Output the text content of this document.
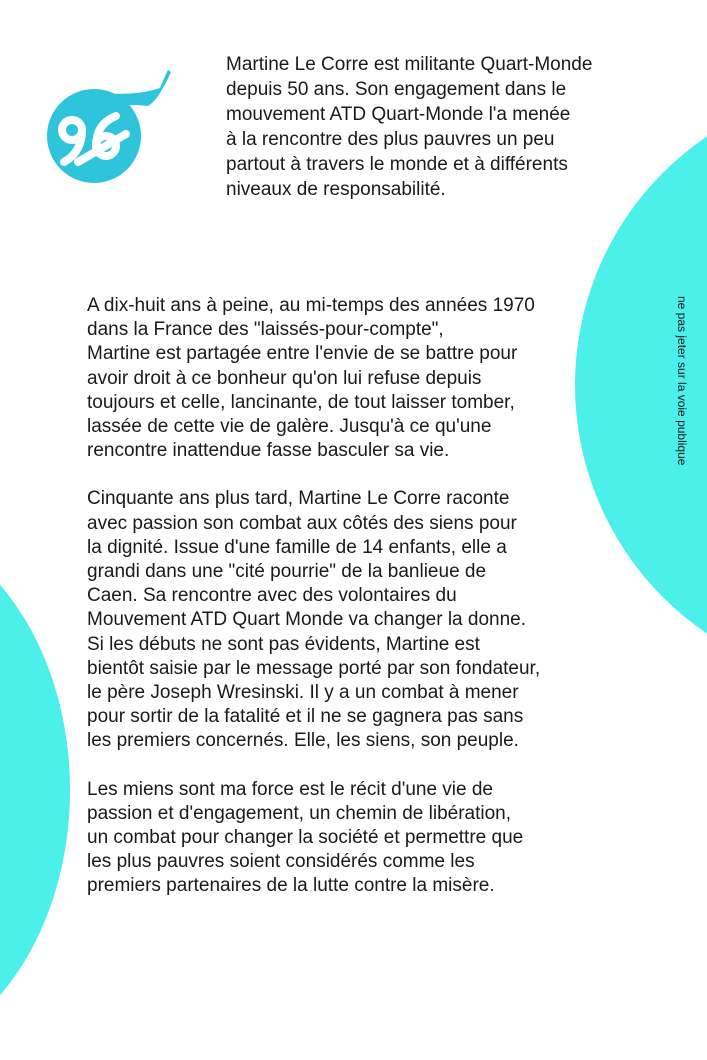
Martine Le Corre est militante Quart-Monde
depuis 50 ans. Son engagement dans le
mouvement ATD Quart-Monde l'a menée
à la rencontre des plus pauvres un peu
partout à travers le monde et à différents
niveaux de responsabilité.

A dix-huit ans à peine, au mi-temps des années 1970
dans la France des "laissés-pour-compte",
Martine est partagée entre l'envie de se battre pour
avoir droit à ce bonheur qu'on lui refuse depuis
toujours et celle, lancinante, de tout laisser tomber,
lassée de cette vie de galère. Jusqu'à ce qu'une
rencontre inattendue fasse basculer sa vie.

Cinquante ans plus tard, Martine Le Corre raconte
avec passion son combat aux côtés des siens pour
la dignité. Issue d'une famille de 14 enfants, elle a
grandi dans une "cité pourrie" de la banlieue de
Caen. Sa rencontre avec des volontaires du
Mouvement ATD Quart Monde va changer la donne.
Si les débuts ne sont pas évidents, Martine est
bientôt saisie par le message porté par son fondateur,
le père Joseph Wresinski. Il y a un combat à mener
pour sortir de la fatalité et il ne se gagnera pas sans
les premiers concernés. Elle, les siens, son peuple.

Les miens sont ma force est le récit d'une vie de
passion et d'engagement, un chemin de libération,
un combat pour changer la société et permettre que
les plus pauvres soient considérés comme les
premiers partenaires de la lutte contre la misère.

ne pas jeter sur la voie publique
